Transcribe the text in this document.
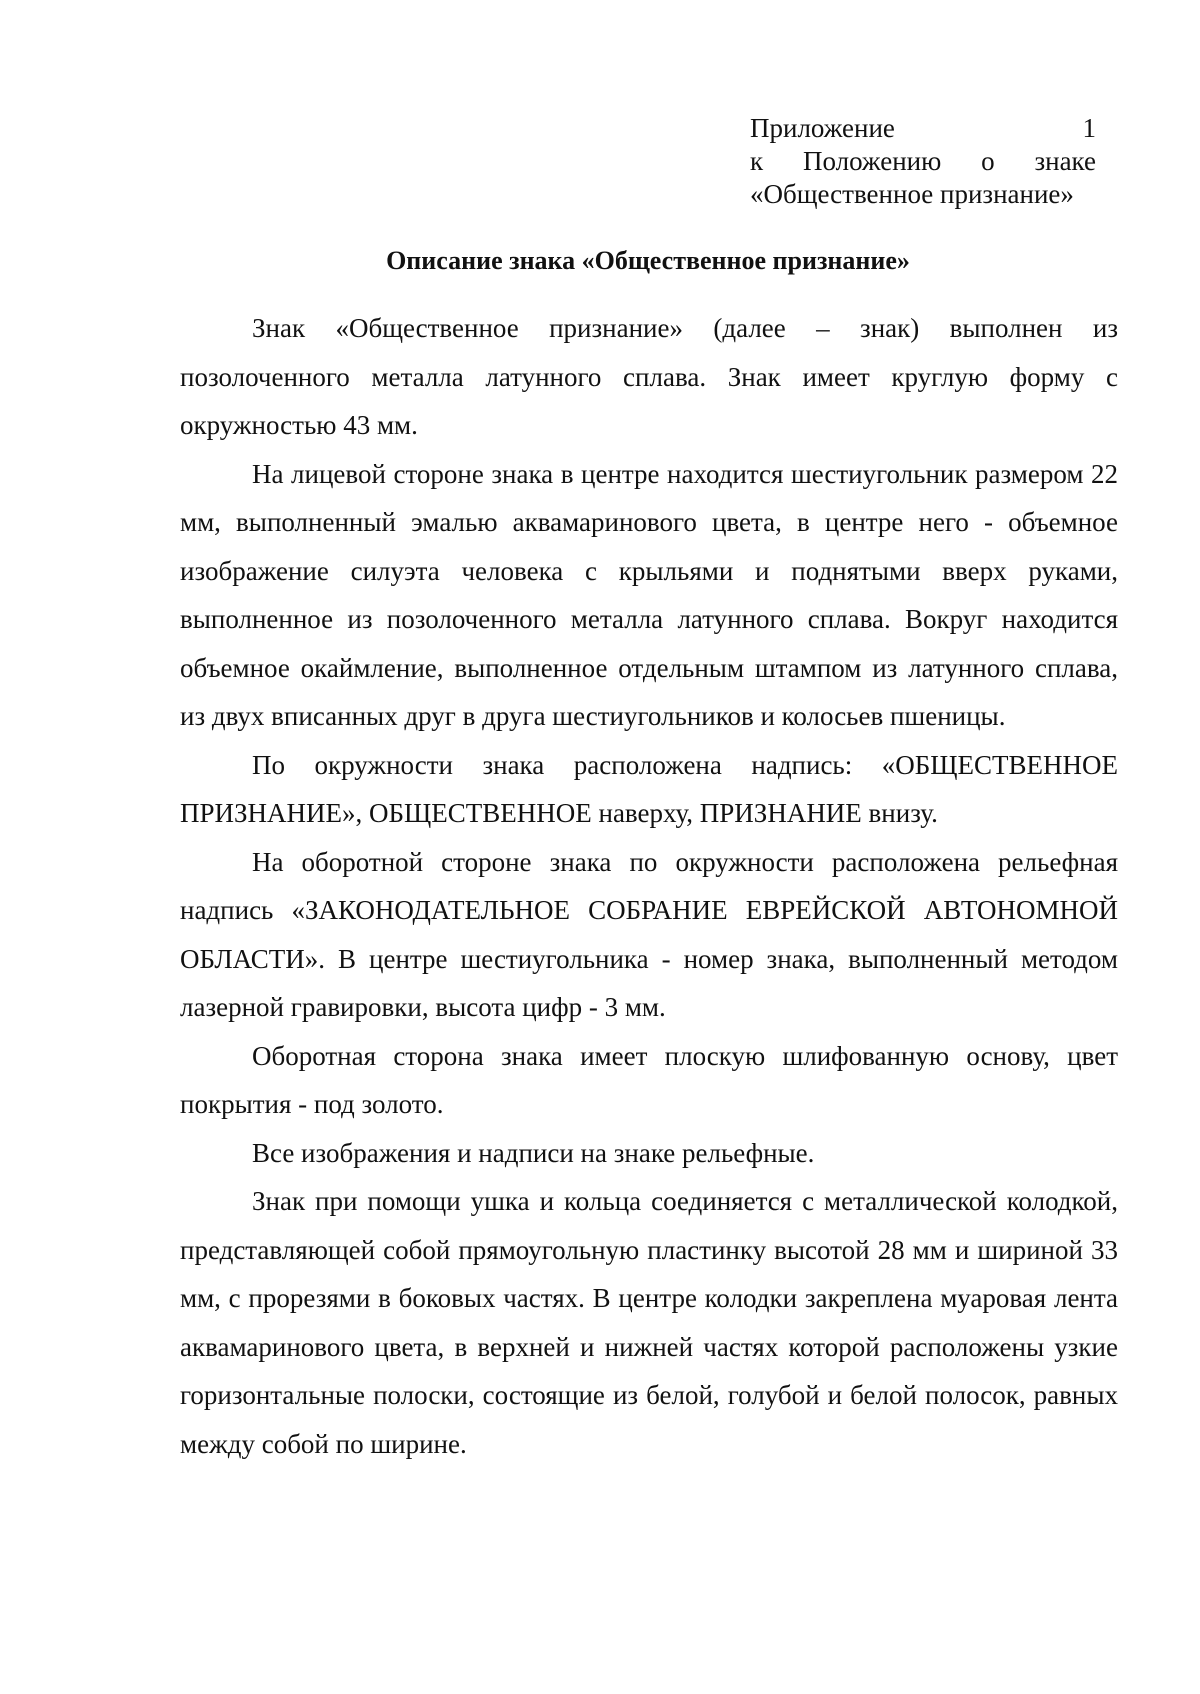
Приложение 1
к Положению о знаке
«Общественное признание»
Описание знака «Общественное признание»

Знак «Общественное признание» (далее – знак) выполнен из позолоченного металла латунного сплава. Знак имеет круглую форму с окружностью 43 мм.

На лицевой стороне знака в центре находится шестиугольник размером 22 мм, выполненный эмалью аквамаринового цвета, в центре него - объемное изображение силуэта человека с крыльями и поднятыми вверх руками, выполненное из позолоченного металла латунного сплава. Вокруг находится объемное окаймление, выполненное отдельным штампом из латунного сплава, из двух вписанных друг в друга шестиугольников и колосьев пшеницы.

По окружности знака расположена надпись: «ОБЩЕСТВЕННОЕ ПРИЗНАНИЕ», ОБЩЕСТВЕННОЕ наверху, ПРИЗНАНИЕ внизу.

На оборотной стороне знака по окружности расположена рельефная надпись «ЗАКОНОДАТЕЛЬНОЕ СОБРАНИЕ ЕВРЕЙСКОЙ АВТОНОМНОЙ ОБЛАСТИ». В центре шестиугольника - номер знака, выполненный методом лазерной гравировки, высота цифр - 3 мм.

Оборотная сторона знака имеет плоскую шлифованную основу, цвет покрытия - под золото.

Все изображения и надписи на знаке рельефные.

Знак при помощи ушка и кольца соединяется с металлической колодкой, представляющей собой прямоугольную пластинку высотой 28 мм и шириной 33 мм, с прорезями в боковых частях. В центре колодки закреплена муаровая лента аквамаринового цвета, в верхней и нижней частях которой расположены узкие горизонтальные полоски, состоящие из белой, голубой и белой полосок, равных между собой по ширине.
